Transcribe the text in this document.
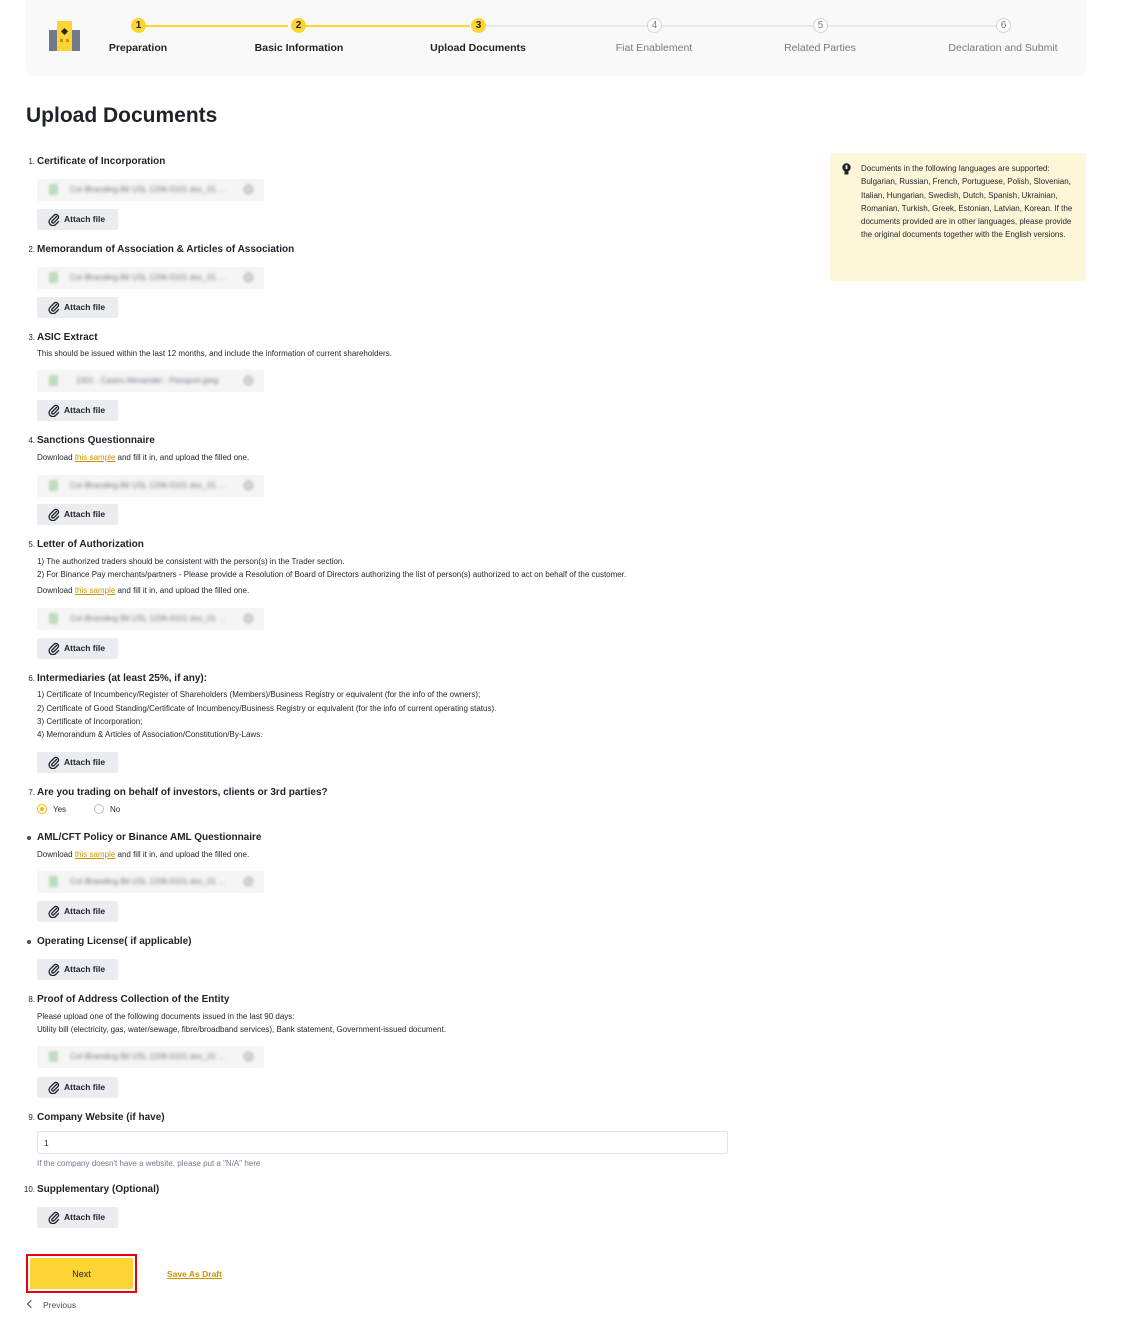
1	2	3	4	5	6
Preparation	Basic Information	Upload Documents	Fiat Enablement	Related Parties	Declaration and Submit
Upload Documents
Documents in the following languages are supported: Bulgarian, Russian, French, Portuguese, Polish, Slovenian, Italian, Hungarian, Swedish, Dutch, Spanish, Ukrainian, Romanian, Turkish, Greek, Estonian, Latvian, Korean. If the documents provided are in other languages, please provide the original documents together with the English versions.
1. Certificate of Incorporation
Col iBranding Bit USL 1206-0101 doc_01 ...
Attach file
2. Memorandum of Association & Articles of Association
Col iBranding Bit USL 1206-0101 doc_01 ...
Attach file
3. ASIC Extract
This should be issued within the last 12 months, and include the information of current shareholders.
1001 - Castro Alexander - Passport.jpeg
Attach file
4. Sanctions Questionnaire
Download this sample and fill it in, and upload the filled one.
Col iBranding Bit USL 1206-0101 doc_01 ...
Attach file
5. Letter of Authorization
1) The authorized traders should be consistent with the person(s) in the Trader section.
2) For Binance Pay merchants/partners - Please provide a Resolution of Board of Directors authorizing the list of person(s) authorized to act on behalf of the customer.
Download this sample and fill it in, and upload the filled one.
Col iBranding Bit USL 1206-0101 doc_01 ...
Attach file
6. Intermediaries (at least 25%, if any):
1) Certificate of Incumbency/Register of Shareholders (Members)/Business Registry or equivalent (for the info of the owners);
2) Certificate of Good Standing/Certificate of Incumbency/Business Registry or equivalent (for the info of current operating status).
3) Certificate of Incorporation;
4) Memorandum & Articles of Association/Constitution/By-Laws.
Attach file
7. Are you trading on behalf of investors, clients or 3rd parties?
Yes	No
AML/CFT Policy or Binance AML Questionnaire
Download this sample and fill it in, and upload the filled one.
Col iBranding Bit USL 1206-0101 doc_01 ...
Attach file
Operating License( if applicable)
Attach file
8. Proof of Address Collection of the Entity
Please upload one of the following documents issued in the last 90 days:
Utility bill (electricity, gas, water/sewage, fibre/broadband services), Bank statement, Government-issued document.
Col iBranding Bit USL 1206-0101 doc_01 ...
Attach file
9. Company Website (if have)
1
If the company doesn't have a website, please put a "N/A" here
10. Supplementary (Optional)
Attach file
Next	Save As Draft
Previous
